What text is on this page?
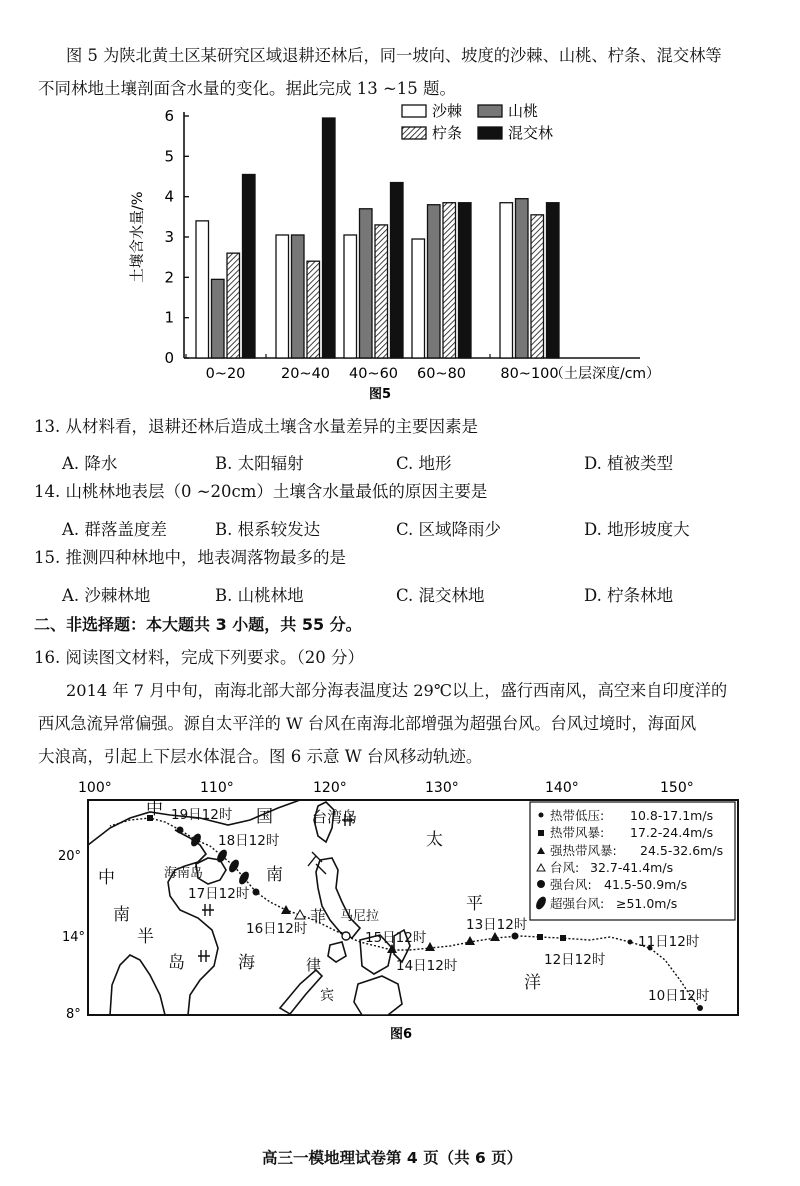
图 5 为陕北黄土区某研究区域退耕还林后，同一坡向、坡度的沙棘、山桃、柠条、混交林等
不同林地土壤剖面含水量的变化。据此完成 13 ~15 题。
0
1
2
3
4
5
6
土壤含水量/%
0~20 20~40 40~60 60~80 80~100
（土层深度/cm）
图5
沙棘	山桃
柠条	混交林
13. 从材料看，退耕还林后造成土壤含水量差异的主要因素是
A. 降水	B. 太阳辐射	C. 地形	D. 植被类型
14. 山桃林地表层（0 ~20cm）土壤含水量最低的原因主要是
A. 群落盖度差	B. 根系较发达	C. 区域降雨少	D. 地形坡度大
15. 推测四种林地中，地表凋落物最多的是
A. 沙棘林地	B. 山桃林地	C. 混交林地	D. 柠条林地
二、非选择题：本大题共 3 小题，共 55 分。
16. 阅读图文材料，完成下列要求。（20 分）
2014 年 7 月中旬，南海北部大部分海表温度达 29℃以上，盛行西南风，高空来自印度洋的
西风急流异常偏强。源自太平洋的 W 台风在南海北部增强为超强台风。台风过境时，海面风
大浪高，引起上下层水体混合。图 6 示意 W 台风移动轨迹。
100°	110°	120°	130°	140°	150°
20°
14°
8°
中	国	台湾岛
太
平
洋
中
南
半
岛
海南岛	南
海
菲
律
宾
马尼拉
19日12时
18日12时
17日12时
16日12时
15日12时
14日12时
13日12时
12日12时
11日12时
10日12时
热带低压: 10.8-17.1m/s
热带风暴: 17.2-24.4m/s
强热带风暴: 24.5-32.6m/s
台风: 32.7-41.4m/s
强台风: 41.5-50.9m/s
超强台风: ≥51.0m/s
图6
高三一模地理试卷第 4 页（共 6 页）
